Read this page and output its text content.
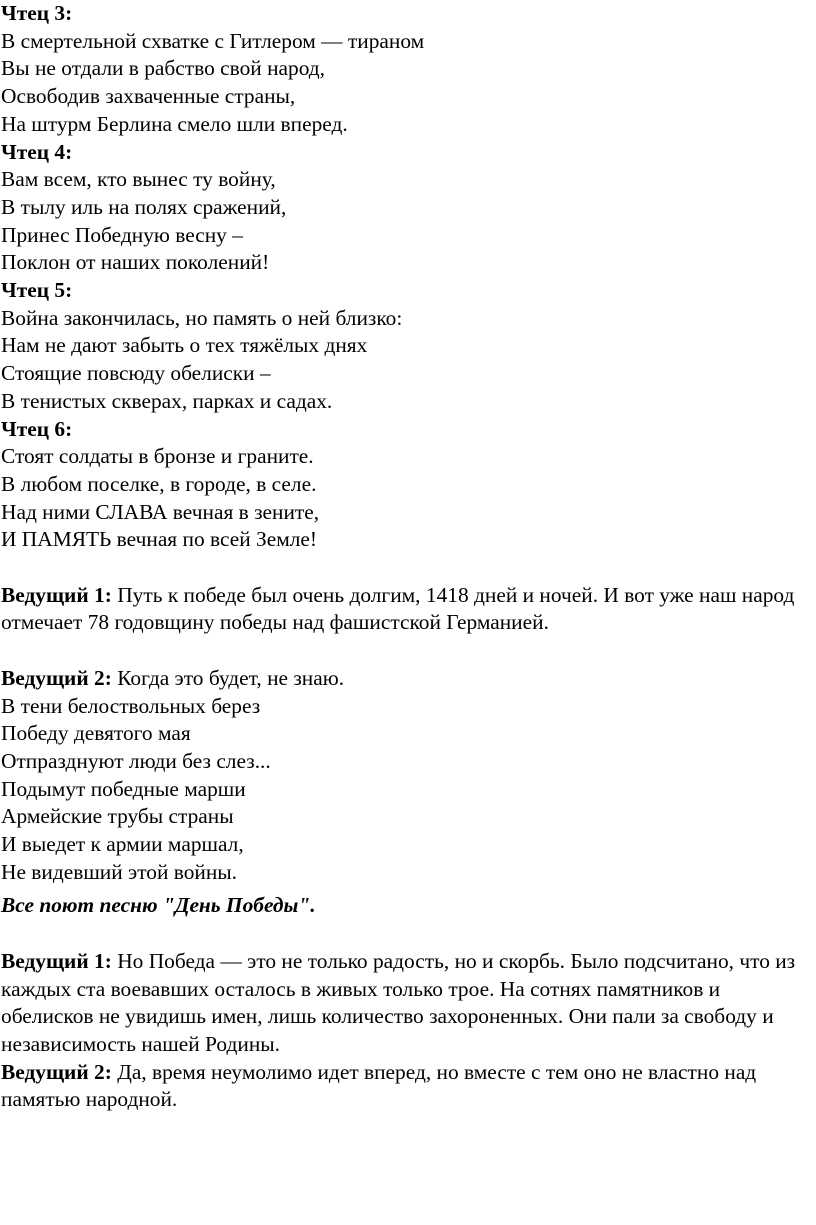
Чтец 3:
В смертельной схватке с Гитлером — тираном
Вы не отдали в рабство свой народ,
Освободив захваченные страны,
На штурм Берлина смело шли вперед.
Чтец 4:
Вам всем, кто вынес ту войну,
В тылу иль на полях сражений,
Принес Победную весну –
Поклон от наших поколений!
Чтец 5:
Война закончилась, но память о ней близко:
Нам не дают забыть о тех тяжёлых днях
Стоящие повсюду обелиски –
В тенистых скверах, парках и садах.
Чтец 6:
Стоят солдаты в бронзе и граните.
В любом поселке, в городе, в селе.
Над ними СЛАВА вечная в зените,
И ПАМЯТЬ вечная по всей Земле!
Ведущий 1: Путь к победе был очень долгим, 1418 дней и ночей. И вот уже наш народ отмечает 78 годовщину победы над фашистской Германией.
Ведущий 2: Когда это будет, не знаю.
В тени белоствольных берез
Победу девятого мая
Отпразднуют люди без слез...
Подымут победные марши
Армейские трубы страны
И выедет к армии маршал,
Не видевший этой войны.
Все поют песню "День Победы".
Ведущий 1: Но Победа — это не только радость, но и скорбь. Было подсчитано, что из каждых ста воевавших осталось в живых только трое. На сотнях памятников и обелисков не увидишь имен, лишь количество захороненных. Они пали за свободу и независимость нашей Родины.
Ведущий 2: Да, время неумолимо идет вперед, но вместе с тем оно не властно над памятью народной.
